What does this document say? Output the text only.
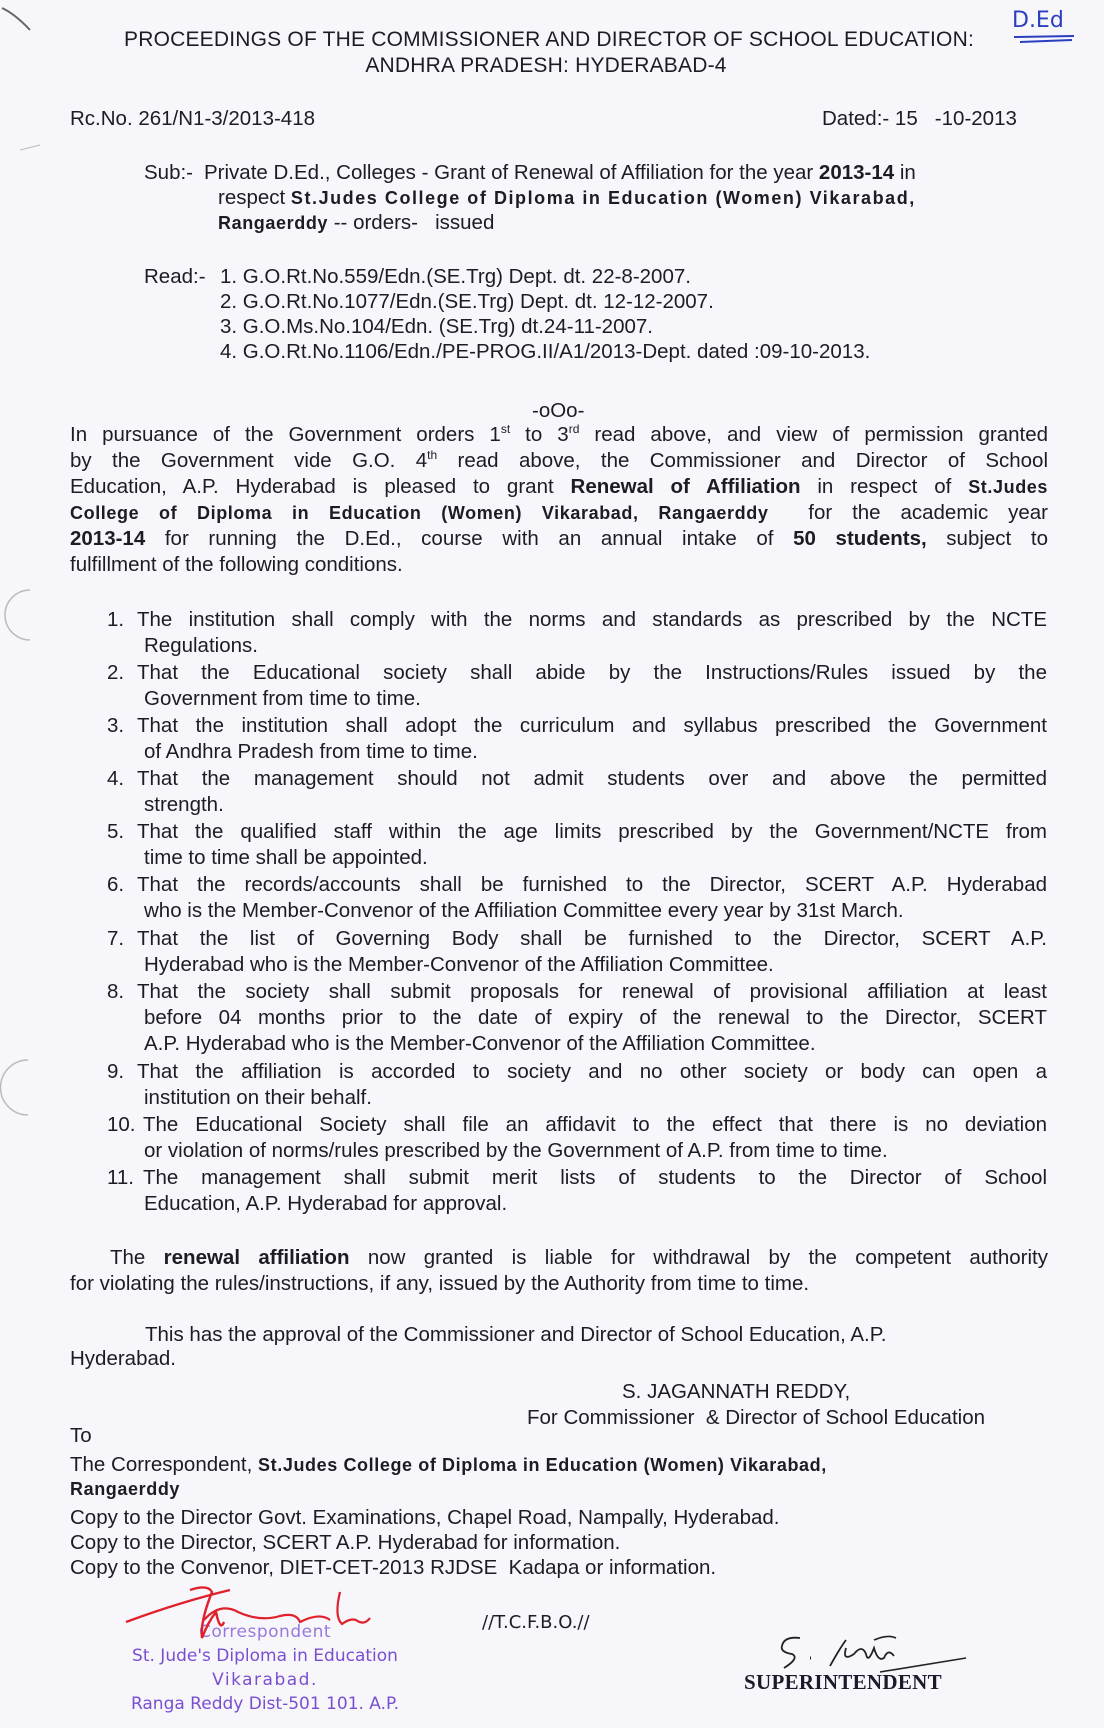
PROCEEDINGS OF THE COMMISSIONER AND DIRECTOR OF SCHOOL EDUCATION:
ANDHRA PRADESH: HYDERABAD-4
D.Ed
Rc.No. 261/N1-3/2013-418	Dated:- 15   -10-2013
Sub:- Private D.Ed., Colleges - Grant of Renewal of Affiliation for the year 2013-14 in
respect St.Judes College of Diploma in Education (Women) Vikarabad,
Rangaerddy -- orders-   issued
Read:- 1. G.O.Rt.No.559/Edn.(SE.Trg) Dept. dt. 22-8-2007.
2. G.O.Rt.No.1077/Edn.(SE.Trg) Dept. dt. 12-12-2007.
3. G.O.Ms.No.104/Edn. (SE.Trg) dt.24-11-2007.
4. G.O.Rt.No.1106/Edn./PE-PROG.II/A1/2013-Dept. dated :09-10-2013.
-oOo-
In pursuance of the Government orders 1st to 3rd read above, and view of permission granted
by the Government vide G.O. 4th read above, the Commissioner and Director of School
Education, A.P. Hyderabad is pleased to grant Renewal of Affiliation in respect of St.Judes
College of Diploma in Education (Women) Vikarabad, Rangaerddy  for the academic year
2013-14 for running the D.Ed., course with an annual intake of 50 students, subject to
fulfillment of the following conditions.
1. The institution shall comply with the norms and standards as prescribed by the NCTE
Regulations.
2. That the Educational society shall abide by the Instructions/Rules issued by the
Government from time to time.
3. That the institution shall adopt the curriculum and syllabus prescribed the Government
of Andhra Pradesh from time to time.
4. That the management should not admit students over and above the permitted
strength.
5. That the qualified staff within the age limits prescribed by the Government/NCTE from
time to time shall be appointed.
6. That the records/accounts shall be furnished to the Director, SCERT A.P. Hyderabad
who is the Member-Convenor of the Affiliation Committee every year by 31st March.
7. That the list of Governing Body shall be furnished to the Director, SCERT A.P.
Hyderabad who is the Member-Convenor of the Affiliation Committee.
8. That the society shall submit proposals for renewal of provisional affiliation at least
before 04 months prior to the date of expiry of the renewal to the Director, SCERT
A.P. Hyderabad who is the Member-Convenor of the Affiliation Committee.
9. That the affiliation is accorded to society and no other society or body can open a
institution on their behalf.
10. The Educational Society shall file an affidavit to the effect that there is no deviation
or violation of norms/rules prescribed by the Government of A.P. from time to time.
11. The management shall submit merit lists of students to the Director of School
Education, A.P. Hyderabad for approval.
The renewal affiliation now granted is liable for withdrawal by the competent authority
for violating the rules/instructions, if any, issued by the Authority from time to time.
This has the approval of the Commissioner and Director of School Education, A.P.
Hyderabad.
S. JAGANNATH REDDY,
For Commissioner  & Director of School Education
To
The Correspondent, St.Judes College of Diploma in Education (Women) Vikarabad,
Rangaerddy
Copy to the Director Govt. Examinations, Chapel Road, Nampally, Hyderabad.
Copy to the Director, SCERT A.P. Hyderabad for information.
Copy to the Convenor, DIET-CET-2013 RJDSE  Kadapa or information.
Correspondent
St. Jude's Diploma in Education
Vikarabad.
Ranga Reddy Dist-501 101. A.P.
//T.C.F.B.O.//
SUPERINTENDENT
